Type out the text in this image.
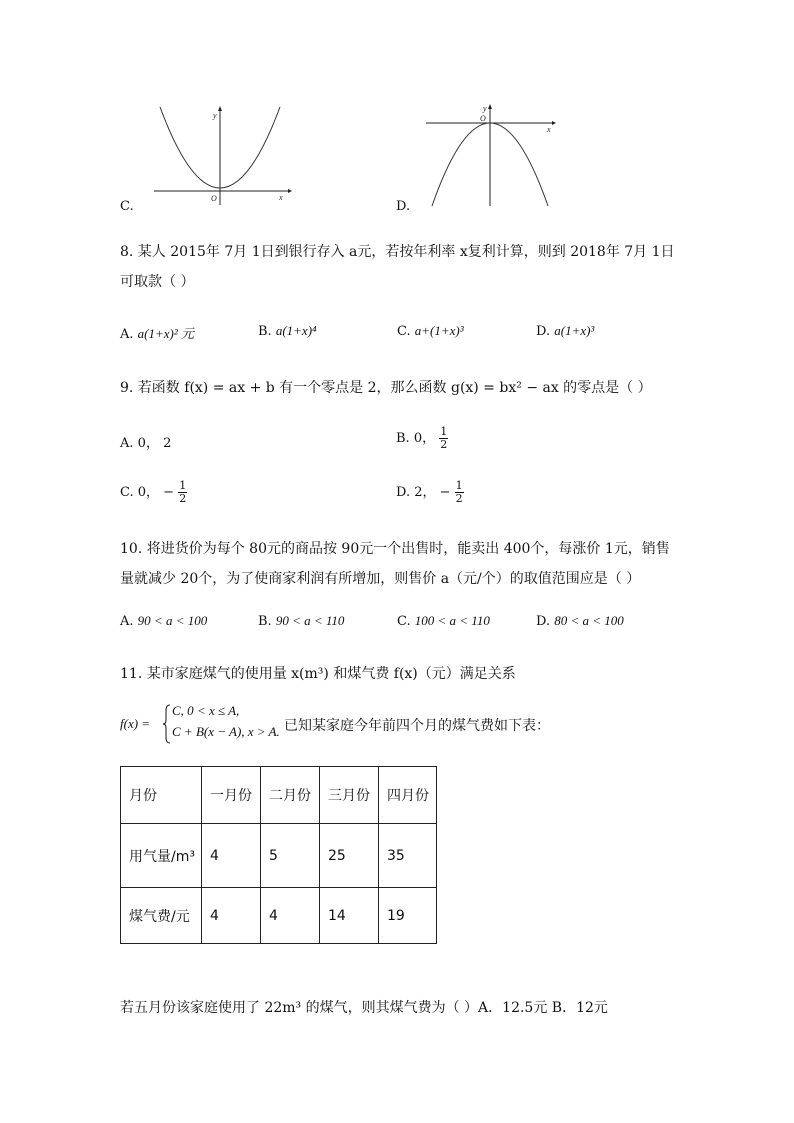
y
x
O
C.
y
x
O
D.
8. 某人 2015年 7月 1日到银行存入 a元，若按年利率 x复利计算，则到 2018年 7月 1日
可取款（ ）
A. a(1+x)² 元	B. a(1+x)⁴	C. a+(1+x)³	D. a(1+x)³
9. 若函数 f(x) = ax + b 有一个零点是 2，那么函数 g(x) = bx² − ax 的零点是（ ）
A. 0， 2	B. 0， $\frac{1}{2}$
C. 0， − $\frac{1}{2}$	D. 2， − $\frac{1}{2}$
10. 将进货价为每个 80元的商品按 90元一个出售时，能卖出 400个，每涨价 1元，销售
量就减少 20个，为了使商家利润有所增加，则售价 a（元/个）的取值范围应是（ ）
A. 90 < a < 100	B. 90 < a < 110	C. 100 < a < 110	D. 80 < a < 100
11. 某市家庭煤气的使用量 x(m³) 和煤气费 f(x)（元）满足关系
f(x) =
C, 0 < x ≤ A,
C + B(x − A), x > A. 已知某家庭今年前四个月的煤气费如下表：
月份	一月份	二月份	三月份	四月份
用气量/m³	4	5	25	35
煤气费/元	4	4	14	19
若五月份该家庭使用了 22m³ 的煤气，则其煤气费为（ ）A．12.5元 B．12元
